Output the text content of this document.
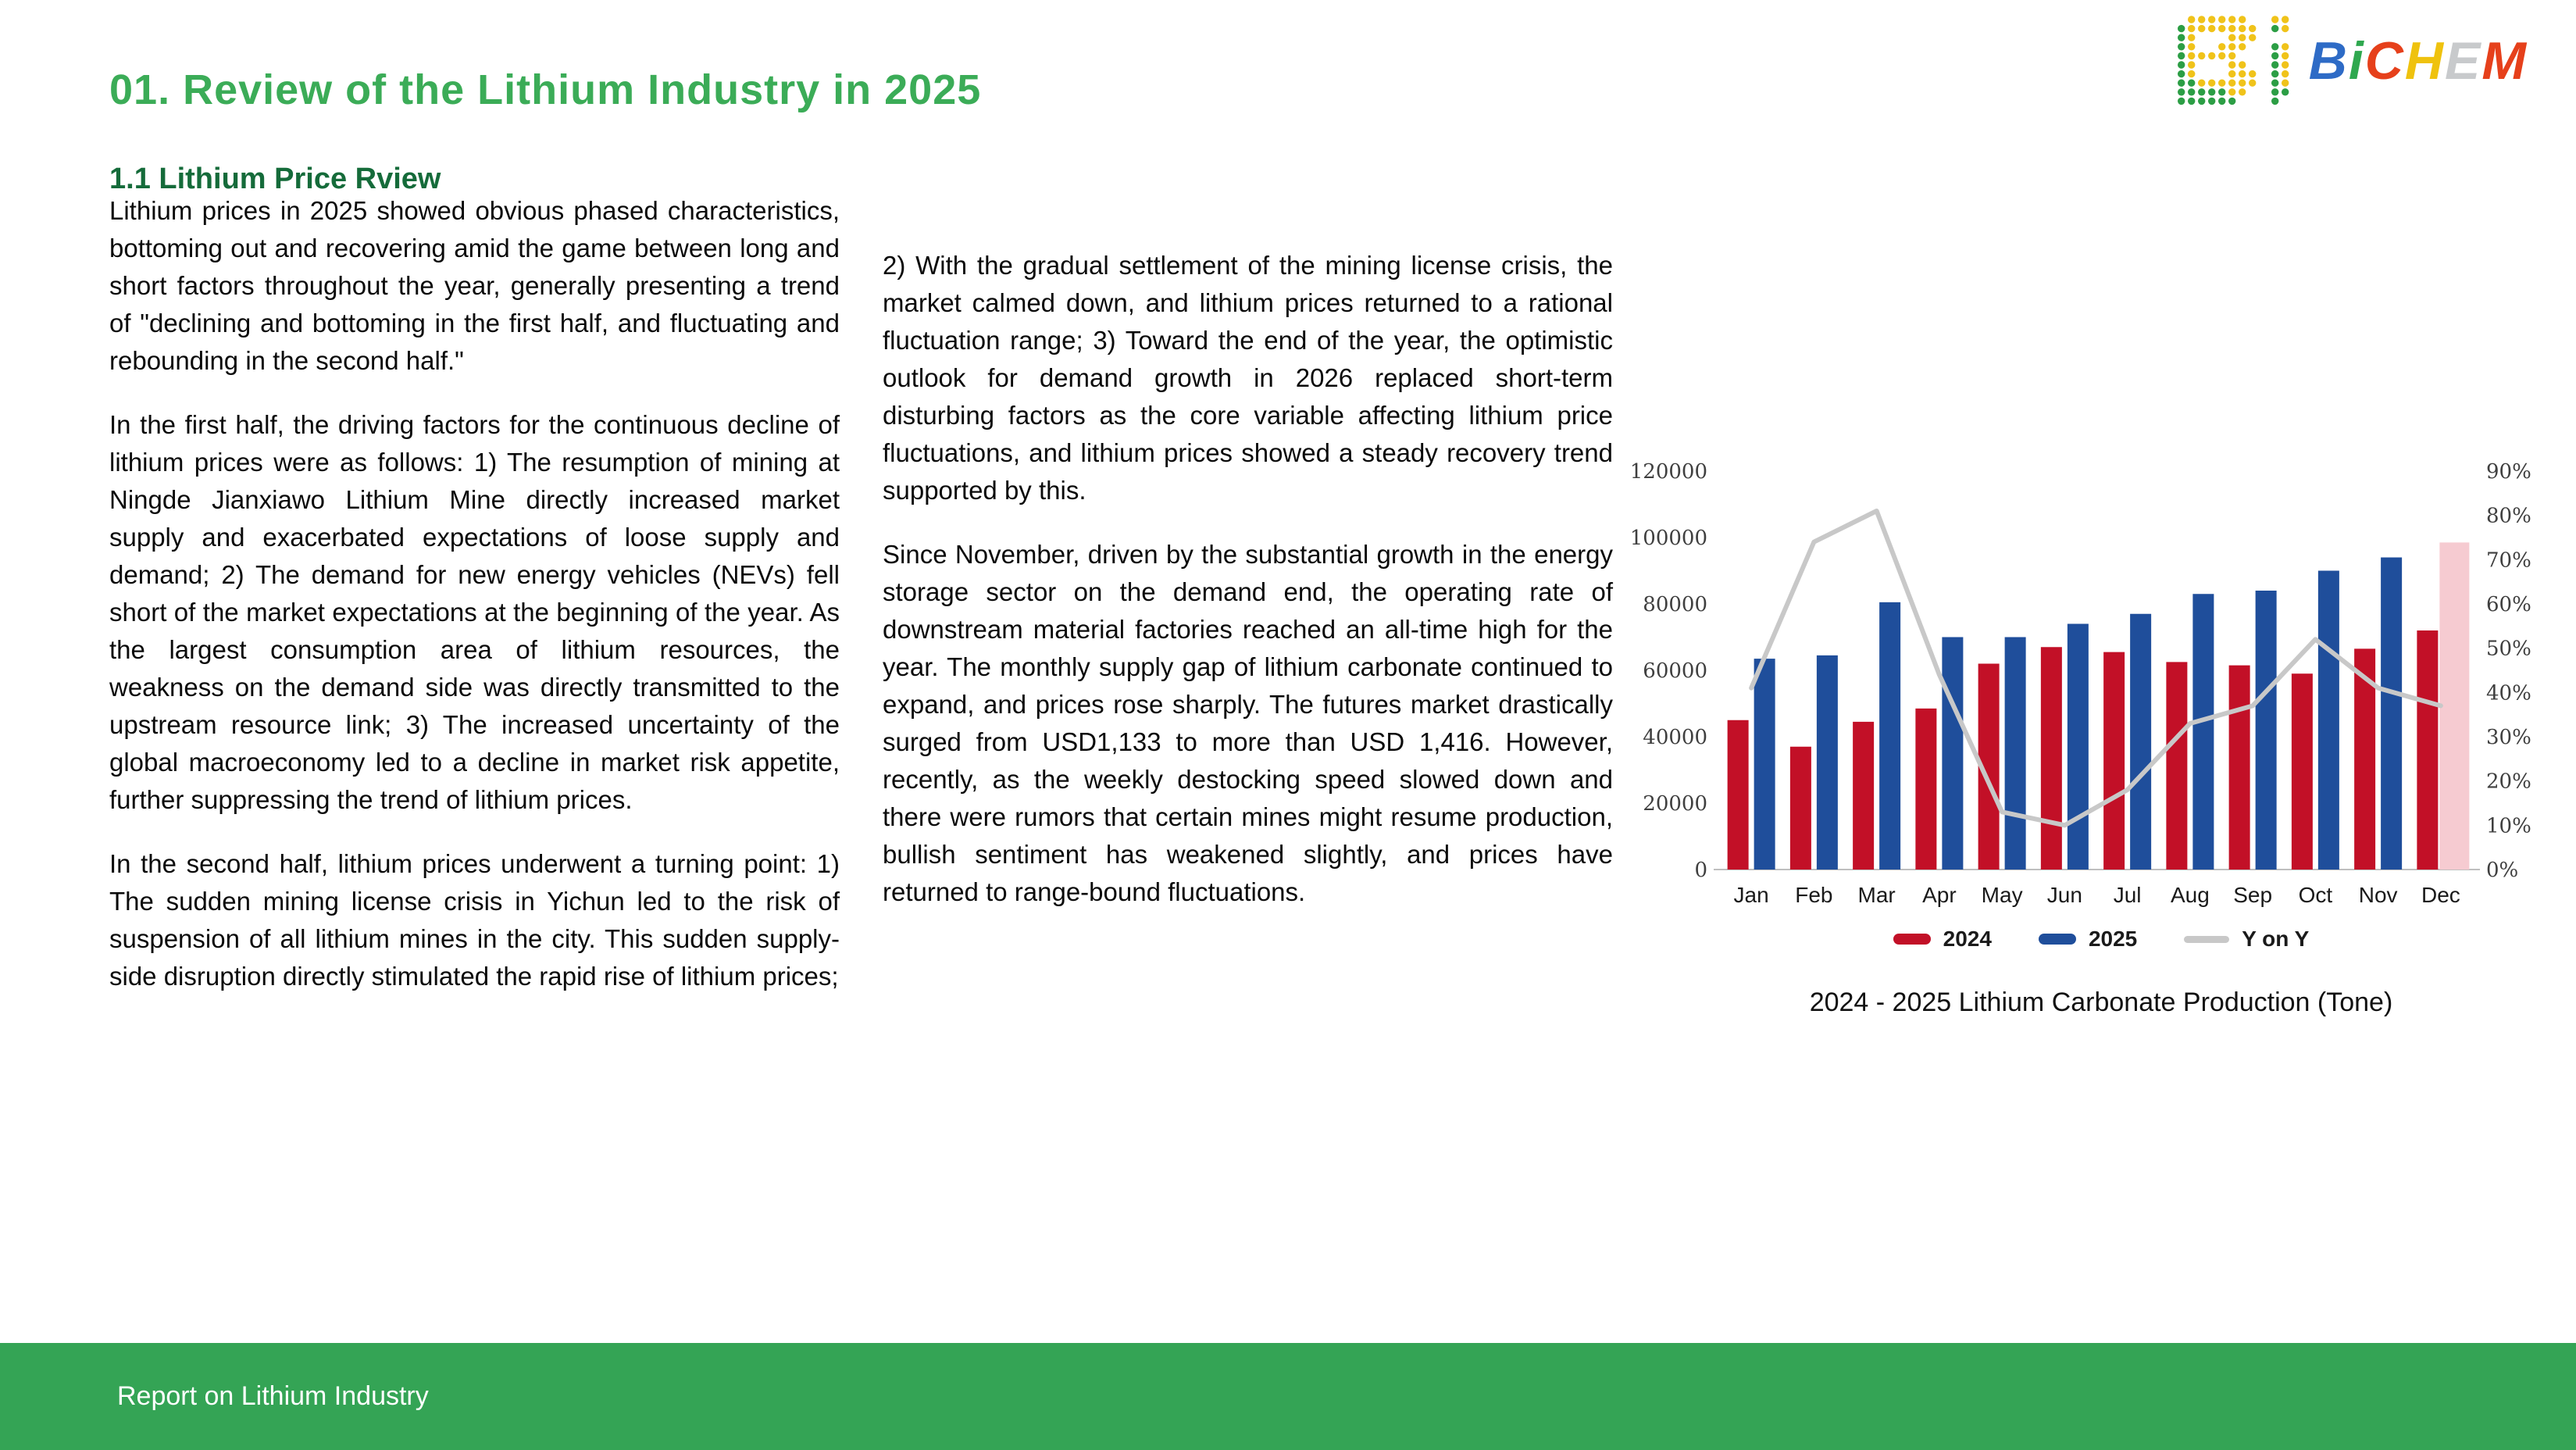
01. Review of the Lithium Industry in 2025	BiCHEM
1.1 Lithium Price Rview

Lithium prices in 2025 showed obvious phased characteristics, bottoming out and recovering amid the game between long and short factors throughout the year, generally presenting a trend of "declining and bottoming in the first half, and fluctuating and rebounding in the second half."

In the first half, the driving factors for the continuous decline of lithium prices were as follows: 1) The resumption of mining at Ningde Jianxiawo Lithium Mine directly increased market supply and exacerbated expectations of loose supply and demand; 2) The demand for new energy vehicles (NEVs) fell short of the market expectations at the beginning of the year. As the largest consumption area of lithium resources, the weakness on the demand side was directly transmitted to the upstream resource link; 3) The increased uncertainty of the global macroeconomy led to a decline in market risk appetite, further suppressing the trend of lithium prices.

In the second half, lithium prices underwent a turning point: 1) The sudden mining license crisis in Yichun led to the risk of suspension of all lithium mines in the city. This sudden supply-side disruption directly stimulated the rapid rise of lithium prices;

2) With the gradual settlement of the mining license crisis, the market calmed down, and lithium prices returned to a rational fluctuation range; 3) Toward the end of the year, the optimistic outlook for demand growth in 2026 replaced short-term disturbing factors as the core variable affecting lithium price fluctuations, and lithium prices showed a steady recovery trend supported by this.

Since November, driven by the substantial growth in the energy storage sector on the demand end, the operating rate of downstream material factories reached an all-time high for the year. The monthly supply gap of lithium carbonate continued to expand, and prices rose sharply. The futures market drastically surged from USD1,133 to more than USD 1,416. However, recently, as the weekly destocking speed slowed down and there were rumors that certain mines might resume production, bullish sentiment has weakened slightly, and prices have returned to range-bound fluctuations.

0
20000
40000
60000
80000
100000
120000
0%
10%
20%
30%
40%
50%
60%
70%
80%
90%
Jan Feb Mar Apr May Jun Jul Aug Sep Oct Nov Dec
2024	2025	Y on Y
2024 - 2025 Lithium Carbonate Production (Tone)
Report on Lithium Industry
